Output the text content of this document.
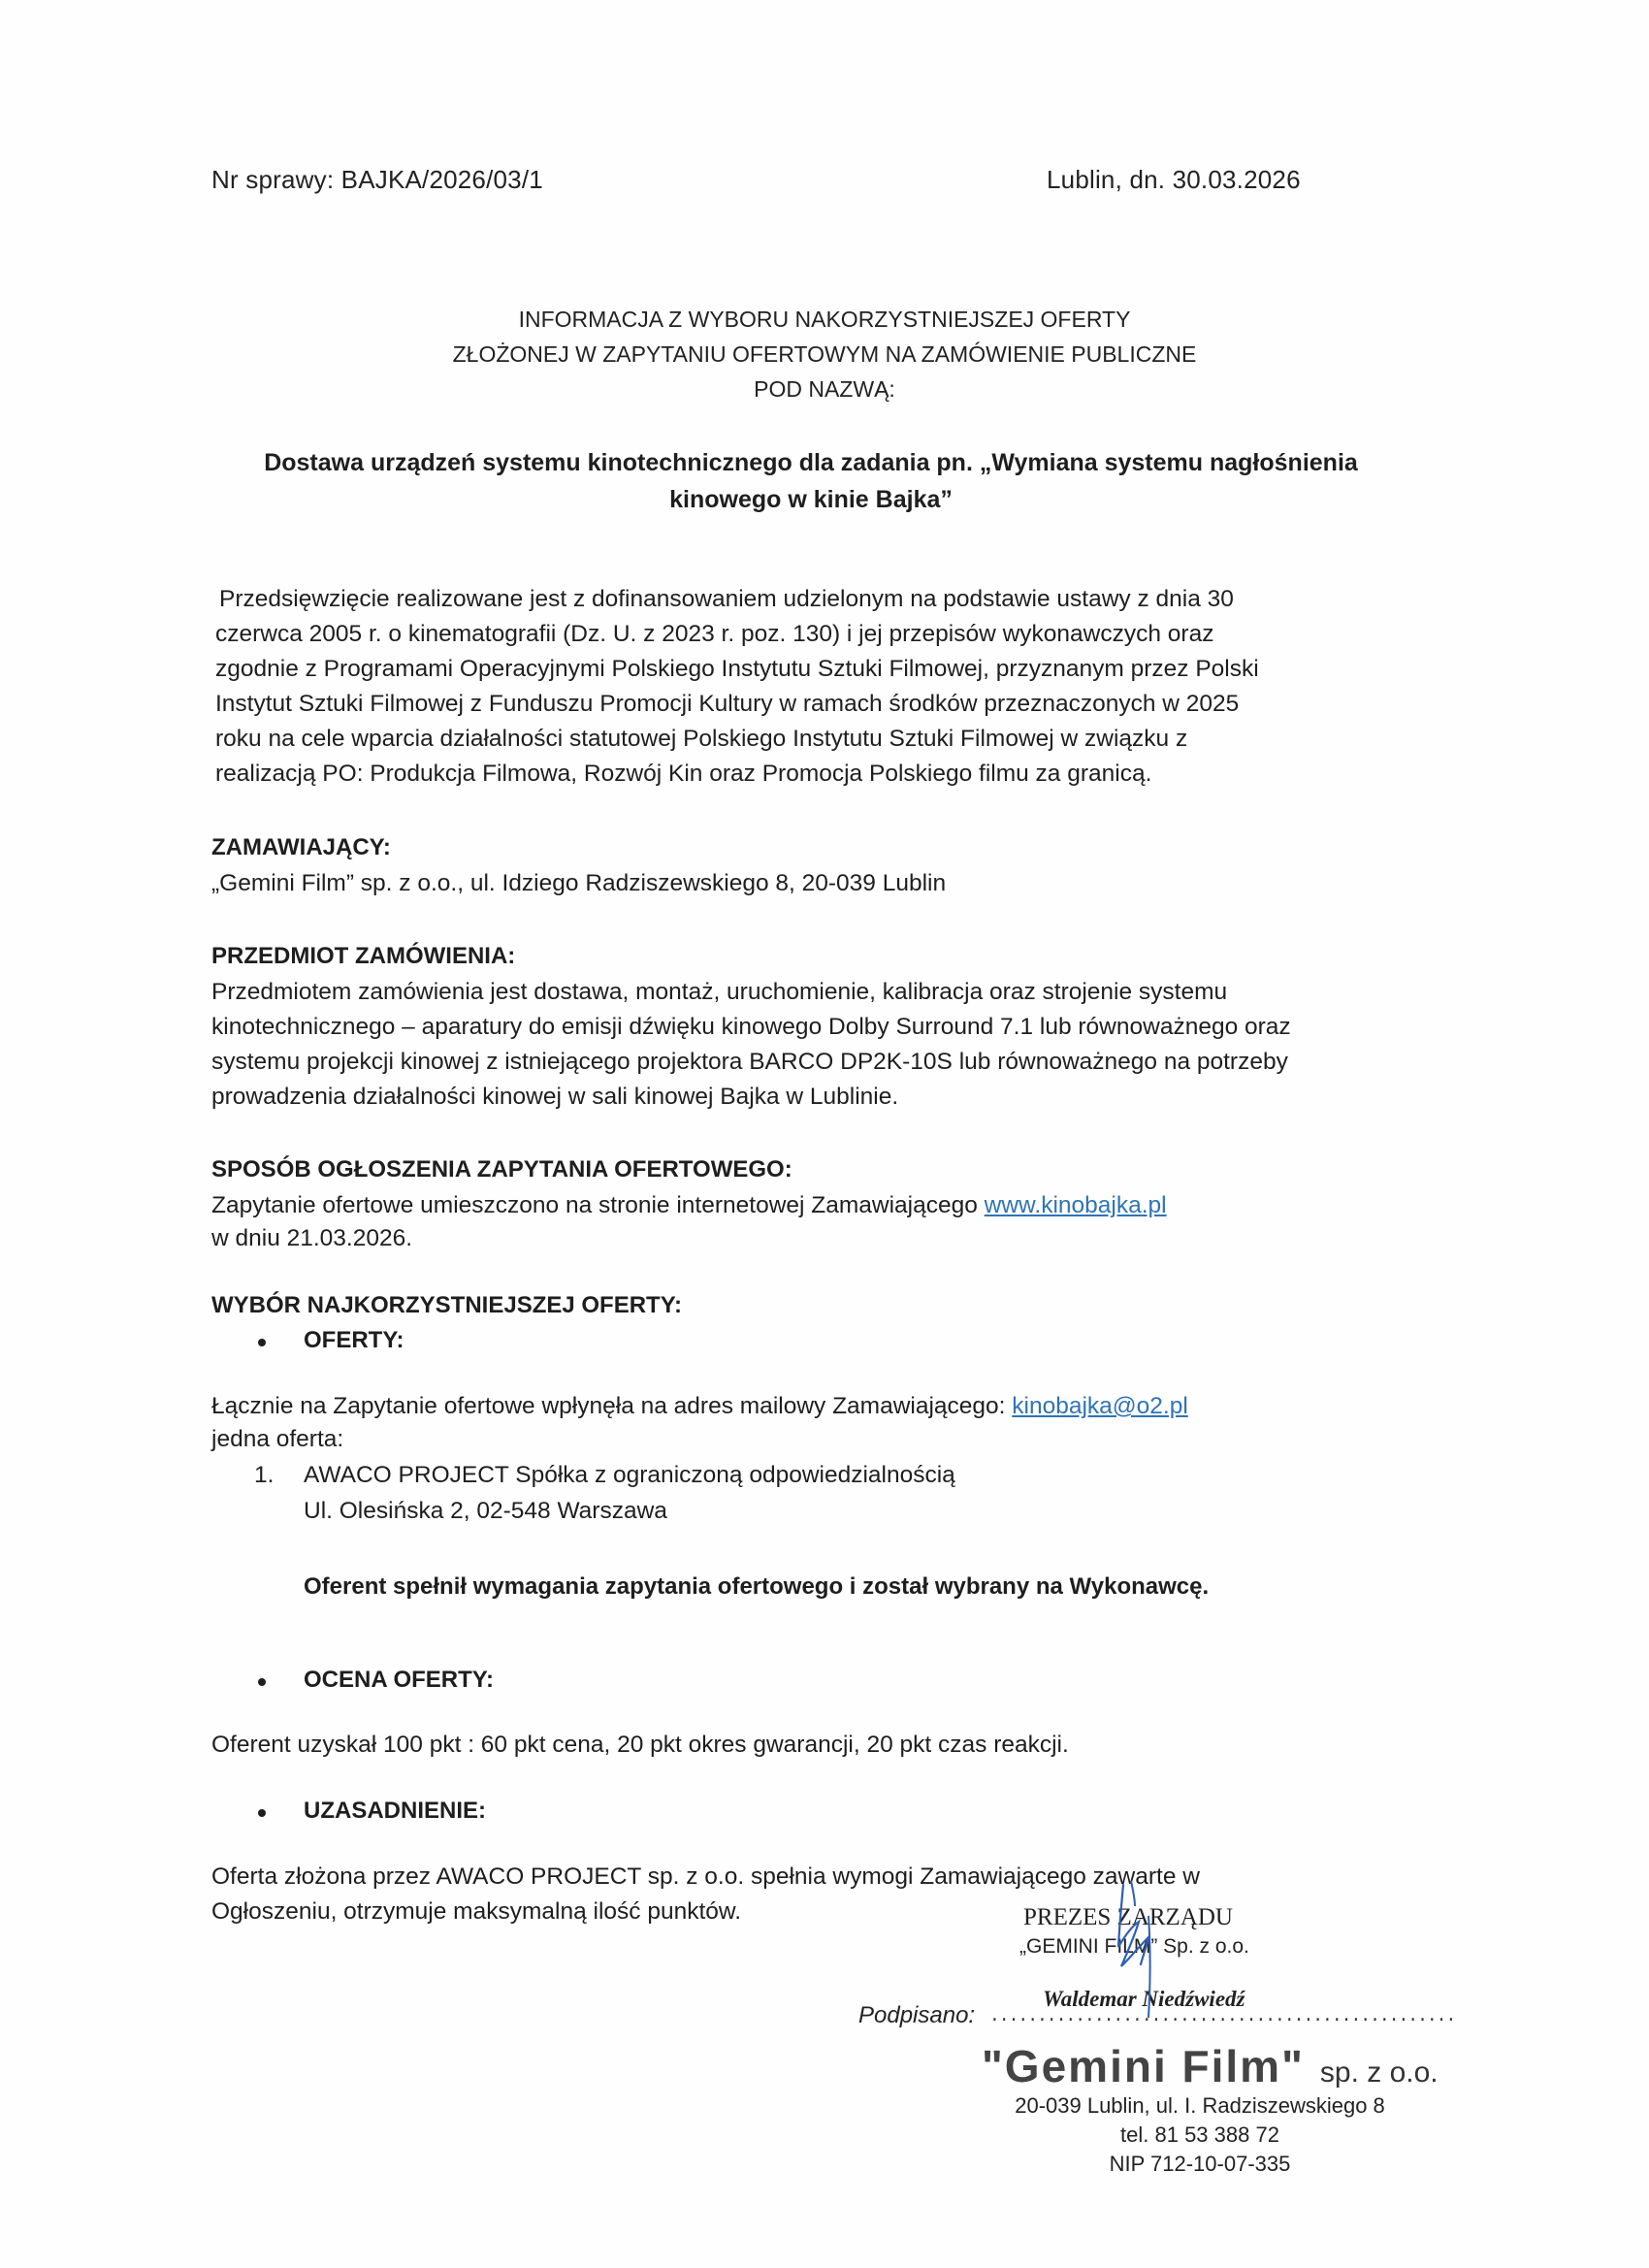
Nr sprawy: BAJKA/2026/03/1	Lublin, dn. 30.03.2026
INFORMACJA Z WYBORU NAKORZYSTNIEJSZEJ OFERTY
ZŁOŻONEJ W ZAPYTANIU OFERTOWYM NA ZAMÓWIENIE PUBLICZNE
POD NAZWĄ:
Dostawa urządzeń systemu kinotechnicznego dla zadania pn. „Wymiana systemu nagłośnienia
kinowego w kinie Bajka”
Przedsięwzięcie realizowane jest z dofinansowaniem udzielonym na podstawie ustawy z dnia 30
czerwca 2005 r. o kinematografii (Dz. U. z 2023 r. poz. 130) i jej przepisów wykonawczych oraz
zgodnie z Programami Operacyjnymi Polskiego Instytutu Sztuki Filmowej, przyznanym przez Polski
Instytut Sztuki Filmowej z Funduszu Promocji Kultury w ramach środków przeznaczonych w 2025
roku na cele wparcia działalności statutowej Polskiego Instytutu Sztuki Filmowej w związku z
realizacją PO: Produkcja Filmowa, Rozwój Kin oraz Promocja Polskiego filmu za granicą.
ZAMAWIAJĄCY:
„Gemini Film” sp. z o.o., ul. Idziego Radziszewskiego 8, 20-039 Lublin
PRZEDMIOT ZAMÓWIENIA:
Przedmiotem zamówienia jest dostawa, montaż, uruchomienie, kalibracja oraz strojenie systemu
kinotechnicznego – aparatury do emisji dźwięku kinowego Dolby Surround 7.1 lub równoważnego oraz
systemu projekcji kinowej z istniejącego projektora BARCO DP2K-10S lub równoważnego na potrzeby
prowadzenia działalności kinowej w sali kinowej Bajka w Lublinie.
SPOSÓB OGŁOSZENIA ZAPYTANIA OFERTOWEGO:
Zapytanie ofertowe umieszczono na stronie internetowej Zamawiającego www.kinobajka.pl
w dniu 21.03.2026.
WYBÓR NAJKORZYSTNIEJSZEJ OFERTY:
OFERTY:
Łącznie na Zapytanie ofertowe wpłynęła na adres mailowy Zamawiającego: kinobajka@o2.pl
jedna oferta:
1. AWACO PROJECT Spółka z ograniczoną odpowiedzialnością
Ul. Olesińska 2, 02-548 Warszawa
Oferent spełnił wymagania zapytania ofertowego i został wybrany na Wykonawcę.
OCENA OFERTY:
Oferent uzyskał 100 pkt : 60 pkt cena, 20 pkt okres gwarancji, 20 pkt czas reakcji.
UZASADNIENIE:
Oferta złożona przez AWACO PROJECT sp. z o.o. spełnia wymogi Zamawiającego zawarte w
Ogłoszeniu, otrzymuje maksymalną ilość punktów.	PREZES ZARZĄDU
„GEMINI FILM” Sp. z o.o.
Waldemar Niedźwiedź
Podpisano: .................................................
"Gemini Film" sp. z o.o.
20-039 Lublin, ul. I. Radziszewskiego 8
tel. 81 53 388 72
NIP 712-10-07-335
